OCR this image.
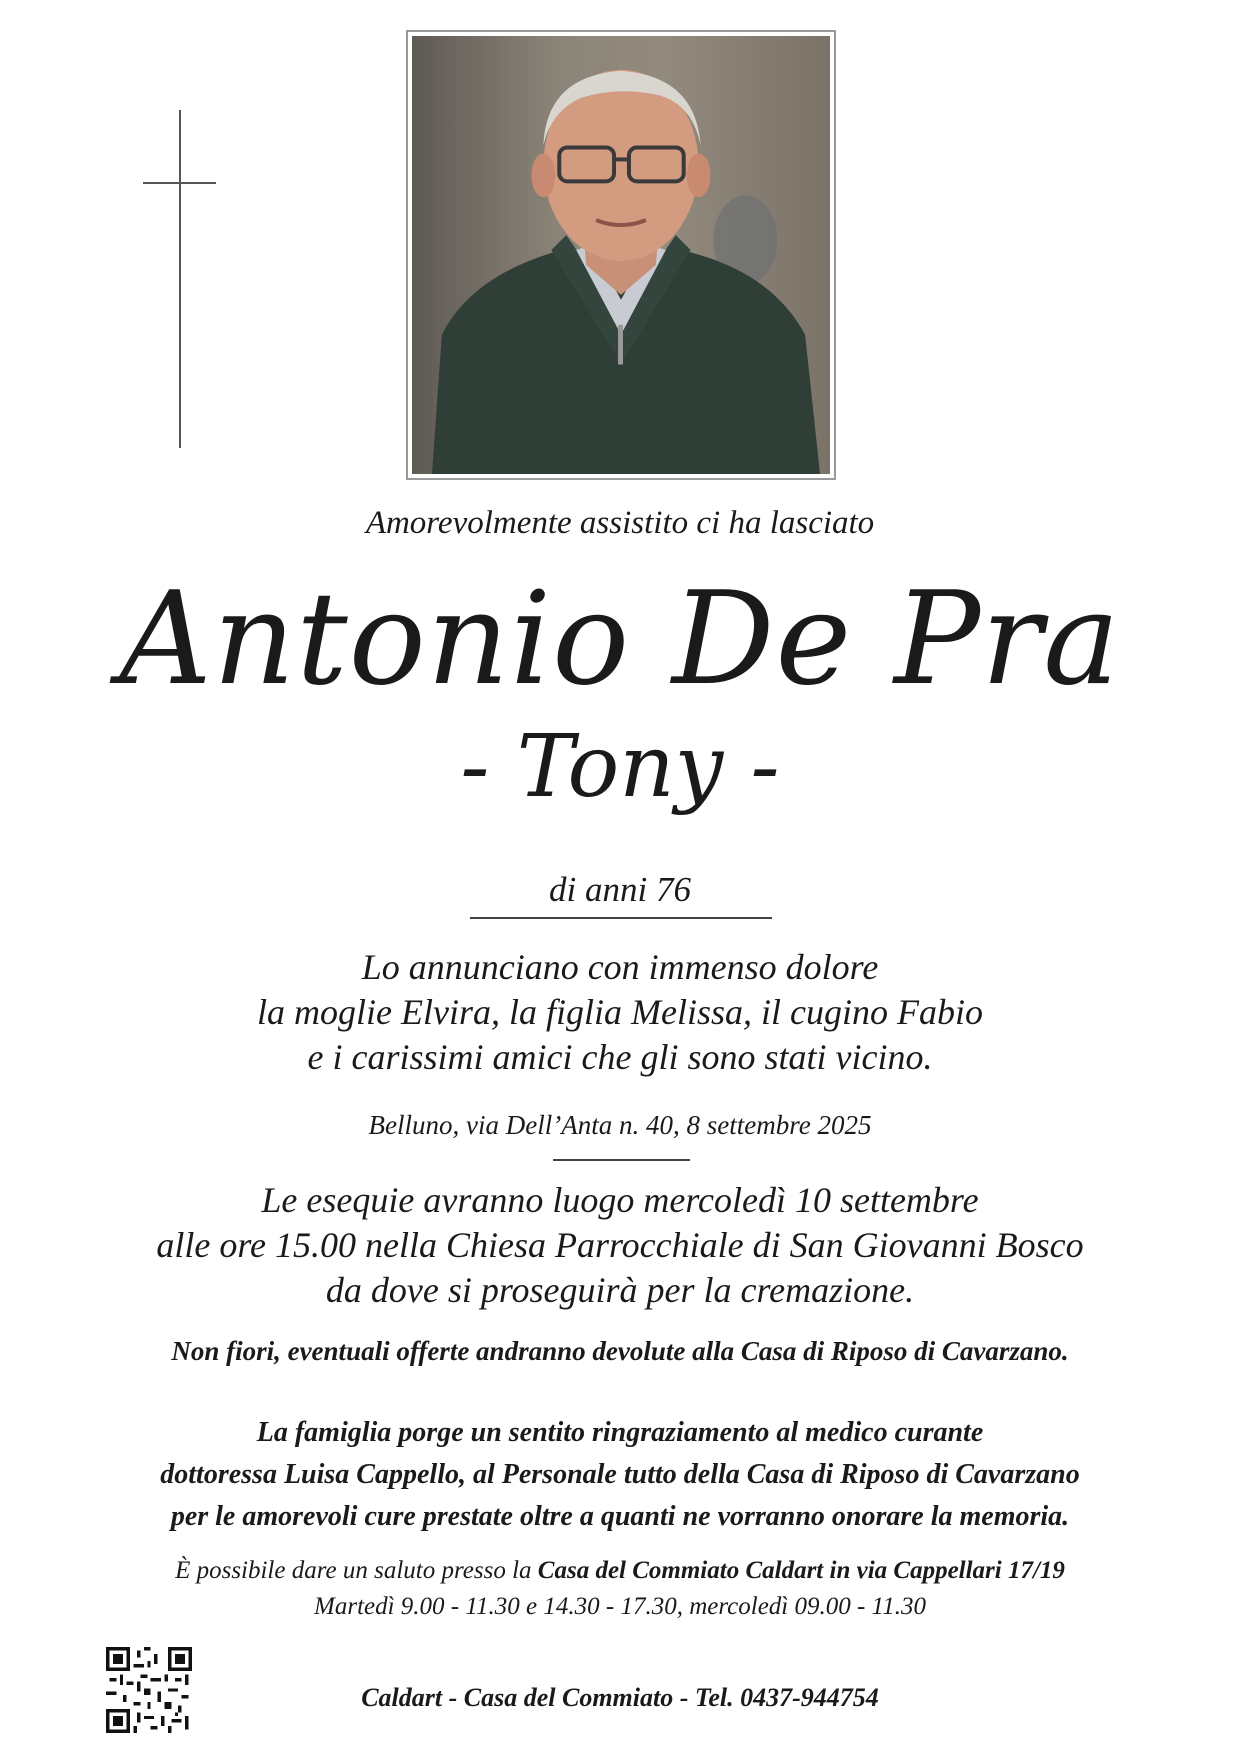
Amorevolmente assistito ci ha lasciato
Antonio De Pra
- Tony -
di anni 76
Lo annunciano con immenso dolore
la moglie Elvira, la figlia Melissa, il cugino Fabio
e i carissimi amici che gli sono stati vicino.
Belluno, via Dell’Anta n. 40, 8 settembre 2025
Le esequie avranno luogo mercoledì 10 settembre
alle ore 15.00 nella Chiesa Parrocchiale di San Giovanni Bosco
da dove si proseguirà per la cremazione.
Non fiori, eventuali offerte andranno devolute alla Casa di Riposo di Cavarzano.
La famiglia porge un sentito ringraziamento al medico curante
dottoressa Luisa Cappello, al Personale tutto della Casa di Riposo di Cavarzano
per le amorevoli cure prestate oltre a quanti ne vorranno onorare la memoria.
È possibile dare un saluto presso la Casa del Commiato Caldart in via Cappellari 17/19
Martedì 9.00 - 11.30 e 14.30 - 17.30, mercoledì 09.00 - 11.30
Caldart - Casa del Commiato - Tel. 0437-944754
